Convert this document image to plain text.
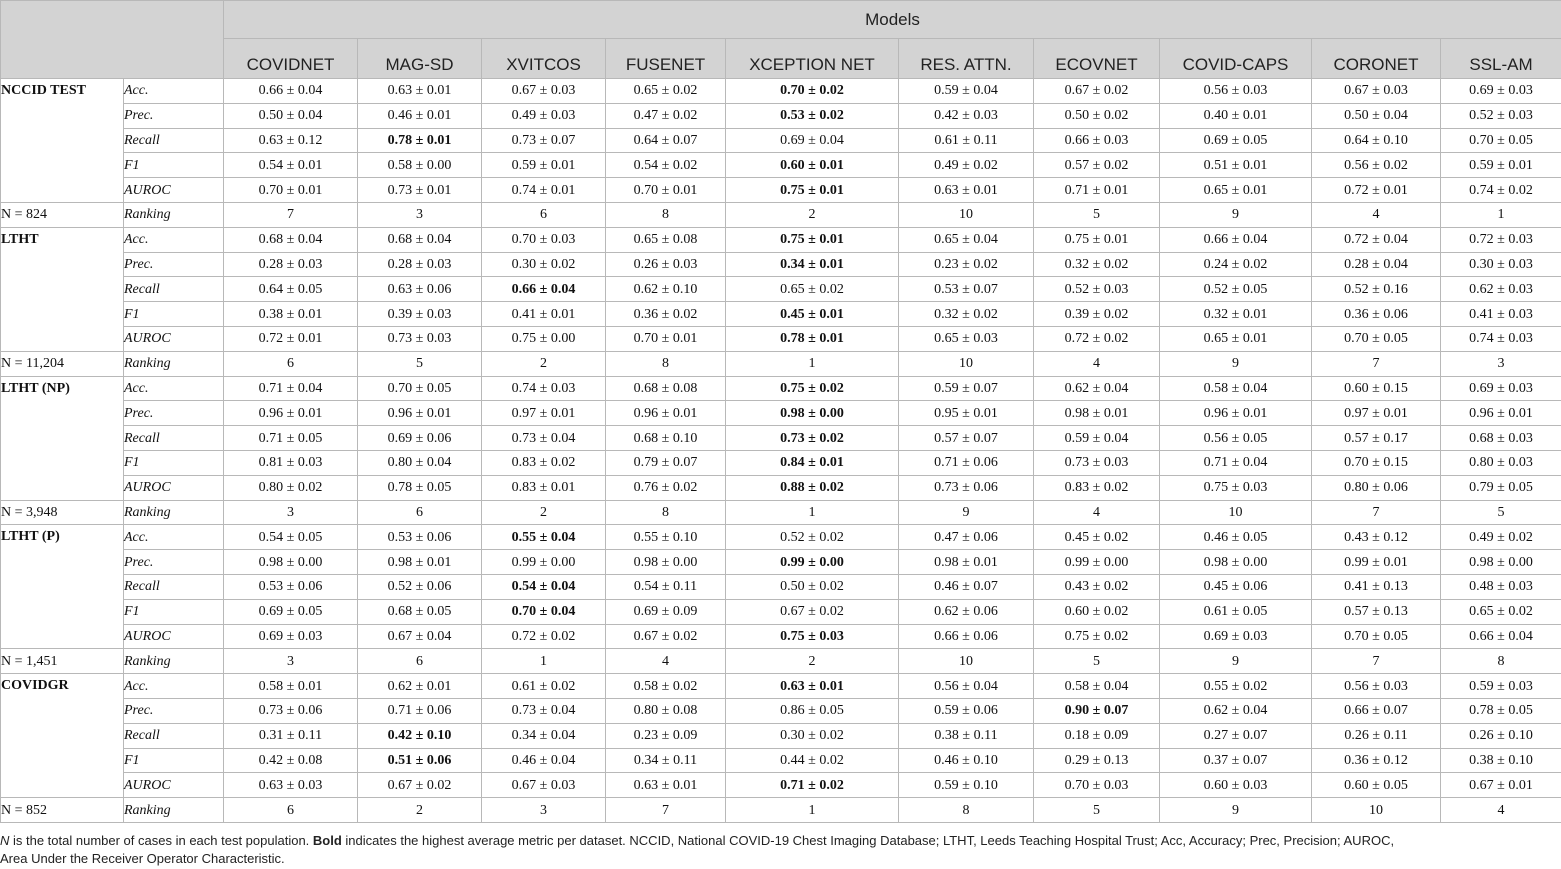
		Models									
		COVIDNET	MAG-SD	XVITCOS	FUSENET	XCEPTION NET	RES. ATTN.	ECOVNET	COVID-CAPS	CORONET	SSL-AM
NCCID TEST	Acc.	0.66 ± 0.04	0.63 ± 0.01	0.67 ± 0.03	0.65 ± 0.02	0.70 ± 0.02	0.59 ± 0.04	0.67 ± 0.02	0.56 ± 0.03	0.67 ± 0.03	0.69 ± 0.03
	Prec.	0.50 ± 0.04	0.46 ± 0.01	0.49 ± 0.03	0.47 ± 0.02	0.53 ± 0.02	0.42 ± 0.03	0.50 ± 0.02	0.40 ± 0.01	0.50 ± 0.04	0.52 ± 0.03
	Recall	0.63 ± 0.12	0.78 ± 0.01	0.73 ± 0.07	0.64 ± 0.07	0.69 ± 0.04	0.61 ± 0.11	0.66 ± 0.03	0.69 ± 0.05	0.64 ± 0.10	0.70 ± 0.05
	F1	0.54 ± 0.01	0.58 ± 0.00	0.59 ± 0.01	0.54 ± 0.02	0.60 ± 0.01	0.49 ± 0.02	0.57 ± 0.02	0.51 ± 0.01	0.56 ± 0.02	0.59 ± 0.01
	AUROC	0.70 ± 0.01	0.73 ± 0.01	0.74 ± 0.01	0.70 ± 0.01	0.75 ± 0.01	0.63 ± 0.01	0.71 ± 0.01	0.65 ± 0.01	0.72 ± 0.01	0.74 ± 0.02
N = 824	Ranking	7	3	6	8	2	10	5	9	4	1
LTHT	Acc.	0.68 ± 0.04	0.68 ± 0.04	0.70 ± 0.03	0.65 ± 0.08	0.75 ± 0.01	0.65 ± 0.04	0.75 ± 0.01	0.66 ± 0.04	0.72 ± 0.04	0.72 ± 0.03
	Prec.	0.28 ± 0.03	0.28 ± 0.03	0.30 ± 0.02	0.26 ± 0.03	0.34 ± 0.01	0.23 ± 0.02	0.32 ± 0.02	0.24 ± 0.02	0.28 ± 0.04	0.30 ± 0.03
	Recall	0.64 ± 0.05	0.63 ± 0.06	0.66 ± 0.04	0.62 ± 0.10	0.65 ± 0.02	0.53 ± 0.07	0.52 ± 0.03	0.52 ± 0.05	0.52 ± 0.16	0.62 ± 0.03
	F1	0.38 ± 0.01	0.39 ± 0.03	0.41 ± 0.01	0.36 ± 0.02	0.45 ± 0.01	0.32 ± 0.02	0.39 ± 0.02	0.32 ± 0.01	0.36 ± 0.06	0.41 ± 0.03
	AUROC	0.72 ± 0.01	0.73 ± 0.03	0.75 ± 0.00	0.70 ± 0.01	0.78 ± 0.01	0.65 ± 0.03	0.72 ± 0.02	0.65 ± 0.01	0.70 ± 0.05	0.74 ± 0.03
N = 11,204	Ranking	6	5	2	8	1	10	4	9	7	3
LTHT (NP)	Acc.	0.71 ± 0.04	0.70 ± 0.05	0.74 ± 0.03	0.68 ± 0.08	0.75 ± 0.02	0.59 ± 0.07	0.62 ± 0.04	0.58 ± 0.04	0.60 ± 0.15	0.69 ± 0.03
	Prec.	0.96 ± 0.01	0.96 ± 0.01	0.97 ± 0.01	0.96 ± 0.01	0.98 ± 0.00	0.95 ± 0.01	0.98 ± 0.01	0.96 ± 0.01	0.97 ± 0.01	0.96 ± 0.01
	Recall	0.71 ± 0.05	0.69 ± 0.06	0.73 ± 0.04	0.68 ± 0.10	0.73 ± 0.02	0.57 ± 0.07	0.59 ± 0.04	0.56 ± 0.05	0.57 ± 0.17	0.68 ± 0.03
	F1	0.81 ± 0.03	0.80 ± 0.04	0.83 ± 0.02	0.79 ± 0.07	0.84 ± 0.01	0.71 ± 0.06	0.73 ± 0.03	0.71 ± 0.04	0.70 ± 0.15	0.80 ± 0.03
	AUROC	0.80 ± 0.02	0.78 ± 0.05	0.83 ± 0.01	0.76 ± 0.02	0.88 ± 0.02	0.73 ± 0.06	0.83 ± 0.02	0.75 ± 0.03	0.80 ± 0.06	0.79 ± 0.05
N = 3,948	Ranking	3	6	2	8	1	9	4	10	7	5
LTHT (P)	Acc.	0.54 ± 0.05	0.53 ± 0.06	0.55 ± 0.04	0.55 ± 0.10	0.52 ± 0.02	0.47 ± 0.06	0.45 ± 0.02	0.46 ± 0.05	0.43 ± 0.12	0.49 ± 0.02
	Prec.	0.98 ± 0.00	0.98 ± 0.01	0.99 ± 0.00	0.98 ± 0.00	0.99 ± 0.00	0.98 ± 0.01	0.99 ± 0.00	0.98 ± 0.00	0.99 ± 0.01	0.98 ± 0.00
	Recall	0.53 ± 0.06	0.52 ± 0.06	0.54 ± 0.04	0.54 ± 0.11	0.50 ± 0.02	0.46 ± 0.07	0.43 ± 0.02	0.45 ± 0.06	0.41 ± 0.13	0.48 ± 0.03
	F1	0.69 ± 0.05	0.68 ± 0.05	0.70 ± 0.04	0.69 ± 0.09	0.67 ± 0.02	0.62 ± 0.06	0.60 ± 0.02	0.61 ± 0.05	0.57 ± 0.13	0.65 ± 0.02
	AUROC	0.69 ± 0.03	0.67 ± 0.04	0.72 ± 0.02	0.67 ± 0.02	0.75 ± 0.03	0.66 ± 0.06	0.75 ± 0.02	0.69 ± 0.03	0.70 ± 0.05	0.66 ± 0.04
N = 1,451	Ranking	3	6	1	4	2	10	5	9	7	8
COVIDGR	Acc.	0.58 ± 0.01	0.62 ± 0.01	0.61 ± 0.02	0.58 ± 0.02	0.63 ± 0.01	0.56 ± 0.04	0.58 ± 0.04	0.55 ± 0.02	0.56 ± 0.03	0.59 ± 0.03
	Prec.	0.73 ± 0.06	0.71 ± 0.06	0.73 ± 0.04	0.80 ± 0.08	0.86 ± 0.05	0.59 ± 0.06	0.90 ± 0.07	0.62 ± 0.04	0.66 ± 0.07	0.78 ± 0.05
	Recall	0.31 ± 0.11	0.42 ± 0.10	0.34 ± 0.04	0.23 ± 0.09	0.30 ± 0.02	0.38 ± 0.11	0.18 ± 0.09	0.27 ± 0.07	0.26 ± 0.11	0.26 ± 0.10
	F1	0.42 ± 0.08	0.51 ± 0.06	0.46 ± 0.04	0.34 ± 0.11	0.44 ± 0.02	0.46 ± 0.10	0.29 ± 0.13	0.37 ± 0.07	0.36 ± 0.12	0.38 ± 0.10
	AUROC	0.63 ± 0.03	0.67 ± 0.02	0.67 ± 0.03	0.63 ± 0.01	0.71 ± 0.02	0.59 ± 0.10	0.70 ± 0.03	0.60 ± 0.03	0.60 ± 0.05	0.67 ± 0.01
N = 852	Ranking	6	2	3	7	1	8	5	9	10	4
N is the total number of cases in each test population. Bold indicates the highest average metric per dataset. NCCID, National COVID-19 Chest Imaging Database; LTHT, Leeds Teaching Hospital Trust; Acc, Accuracy; Prec, Precision; AUROC,
Area Under the Receiver Operator Characteristic.
